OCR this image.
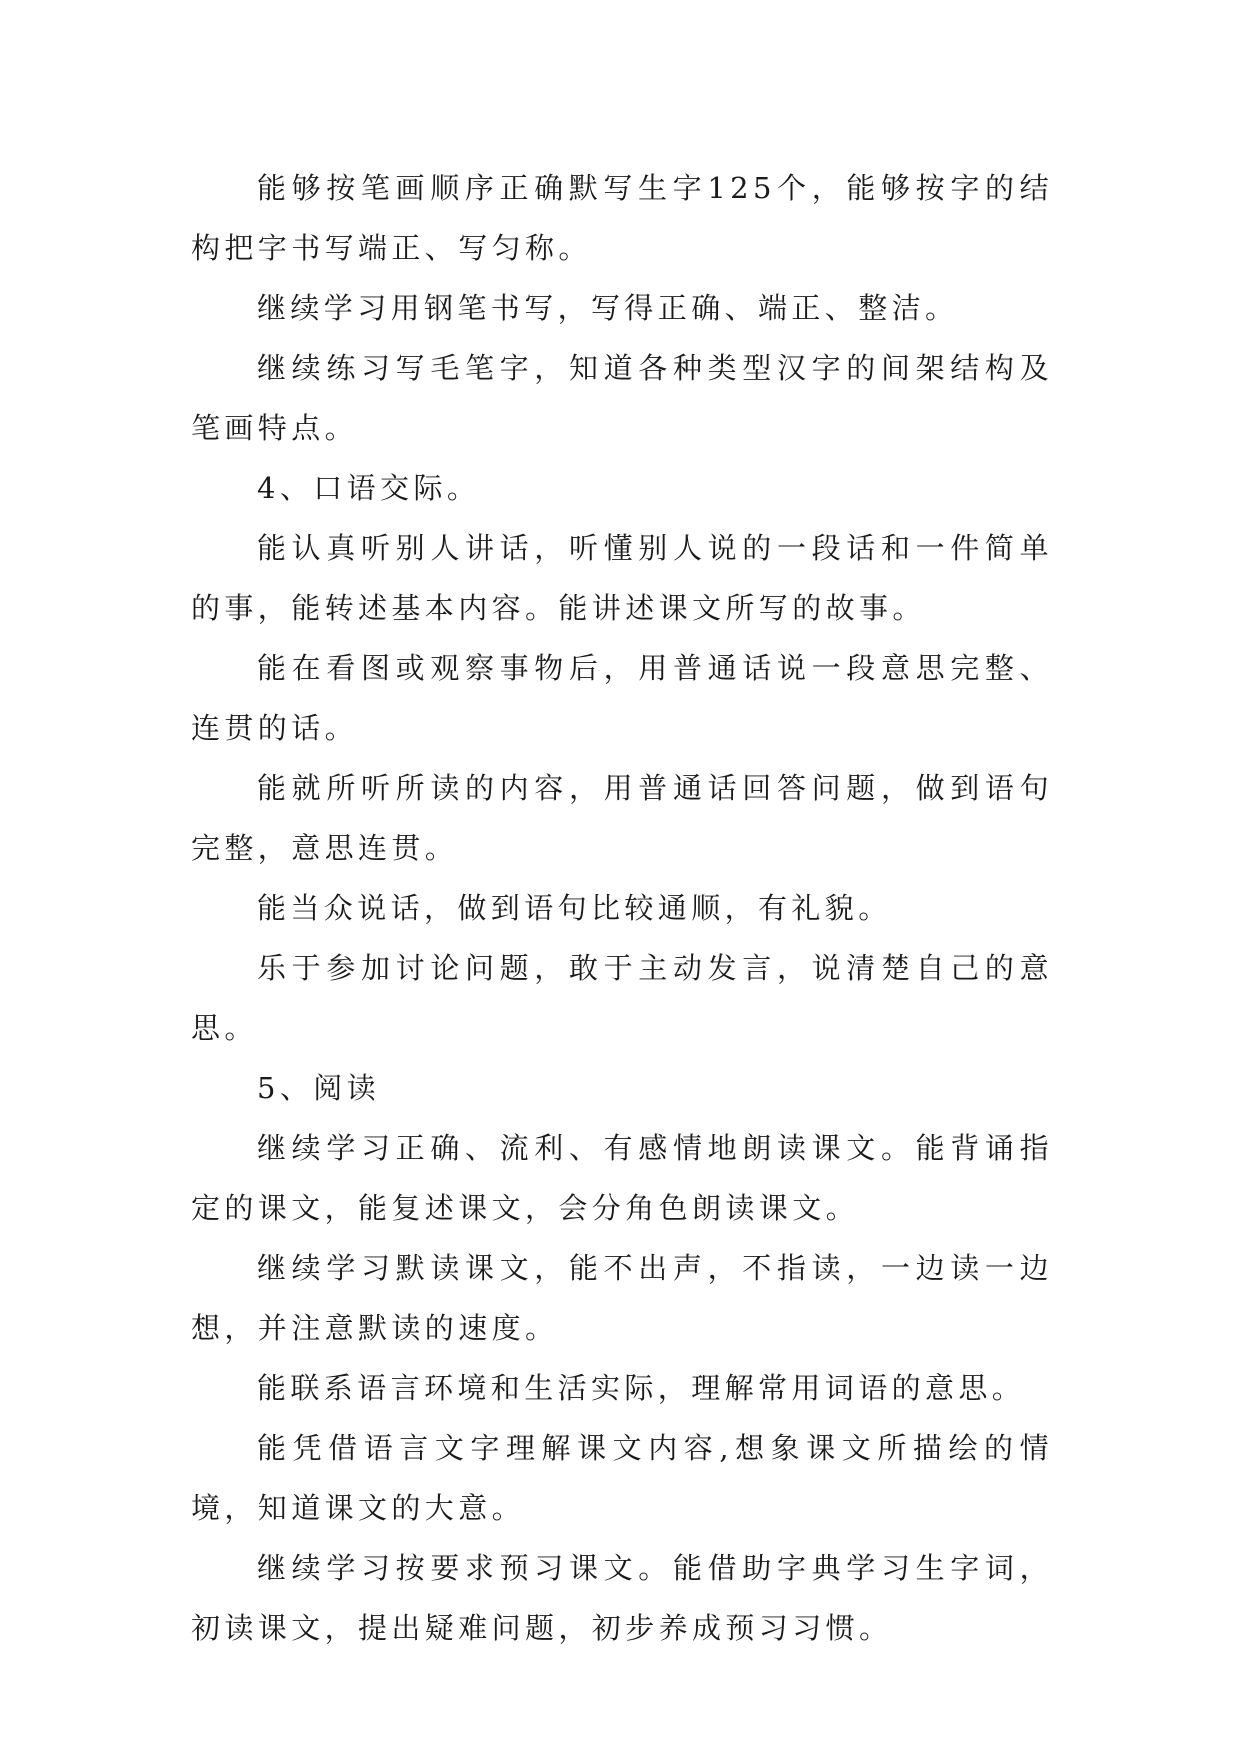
能够按笔画顺序正确默写生字125个，能够按字的结构把字书写端正、写匀称。

继续学习用钢笔书写，写得正确、端正、整洁。

继续练习写毛笔字，知道各种类型汉字的间架结构及笔画特点。

4、口语交际。

能认真听别人讲话，听懂别人说的一段话和一件简单的事，能转述基本内容。能讲述课文所写的故事。

能在看图或观察事物后，用普通话说一段意思完整、连贯的话。

能就所听所读的内容，用普通话回答问题，做到语句完整，意思连贯。

能当众说话，做到语句比较通顺，有礼貌。

乐于参加讨论问题，敢于主动发言，说清楚自己的意思。

5、阅读

继续学习正确、流利、有感情地朗读课文。能背诵指定的课文，能复述课文，会分角色朗读课文。

继续学习默读课文，能不出声，不指读，一边读一边想，并注意默读的速度。

能联系语言环境和生活实际，理解常用词语的意思。

能凭借语言文字理解课文内容,想象课文所描绘的情境，知道课文的大意。

继续学习按要求预习课文。能借助字典学习生字词，初读课文，提出疑难问题，初步养成预习习惯。
